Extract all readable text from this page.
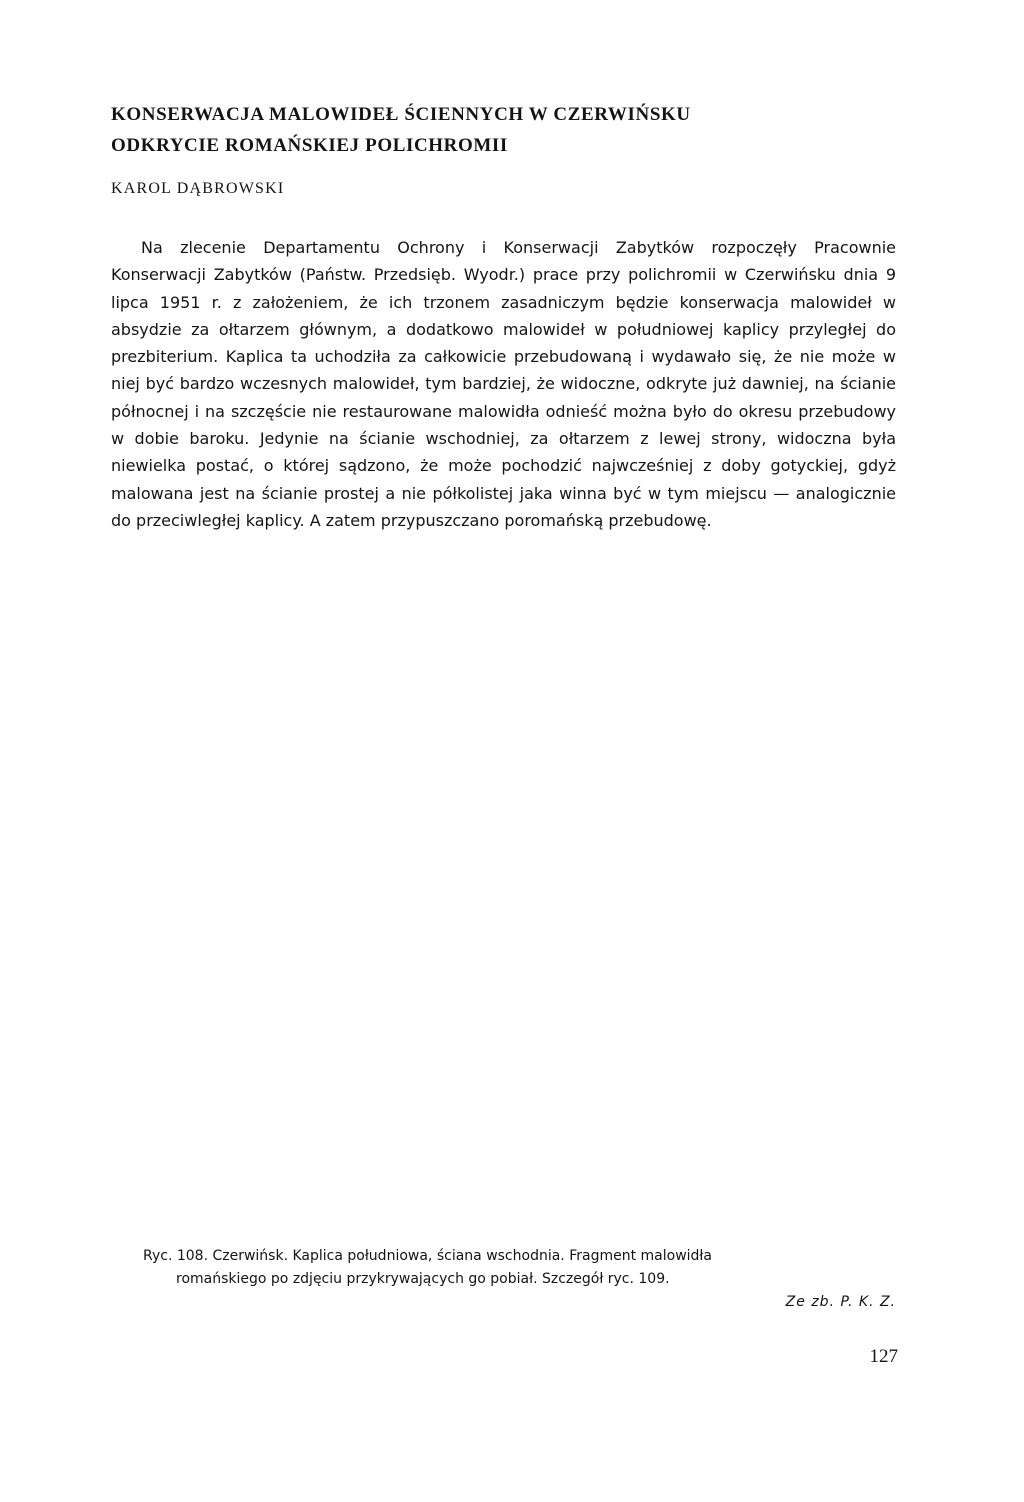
KONSERWACJA MALOWIDEŁ ŚCIENNYCH W CZERWIŃSKU
ODKRYCIE ROMAŃSKIEJ POLICHROMII
KAROL DĄBROWSKI

Na zlecenie Departamentu Ochrony i Konserwacji Zabytków rozpoczęły Pracownie Konserwacji Zabytków (Państw. Przedsięb. Wyodr.) prace przy polichromii w Czerwińsku dnia 9 lipca 1951 r. z założeniem, że ich trzonem zasadniczym będzie konserwacja malowideł w absydzie za ołtarzem głównym, a dodatkowo malowideł w południowej kaplicy przyległej do prezbiterium. Kaplica ta uchodziła za całkowicie przebudowaną i wydawało się, że nie może w niej być bardzo wczesnych malowideł, tym bardziej, że widoczne, odkryte już dawniej, na ścianie północnej i na szczęście nie restaurowane malowidła odnieść można było do okresu przebudowy w dobie baroku. Jedynie na ścianie wschodniej, za ołtarzem z lewej strony, widoczna była niewielka postać, o której sądzono, że może pochodzić najwcześniej z doby gotyckiej, gdyż malowana jest na ścianie prostej a nie półkolistej jaka winna być w tym miejscu — analogicznie do przeciwległej kaplicy. A zatem przypuszczano poromańską przebudowę.

Ryc. 108. Czerwińsk. Kaplica południowa, ściana wschodnia. Fragment malowidła
romańskiego po zdjęciu przykrywających go pobiał. Szczegół ryc. 109.
Ze zb. P. K. Z.
127
